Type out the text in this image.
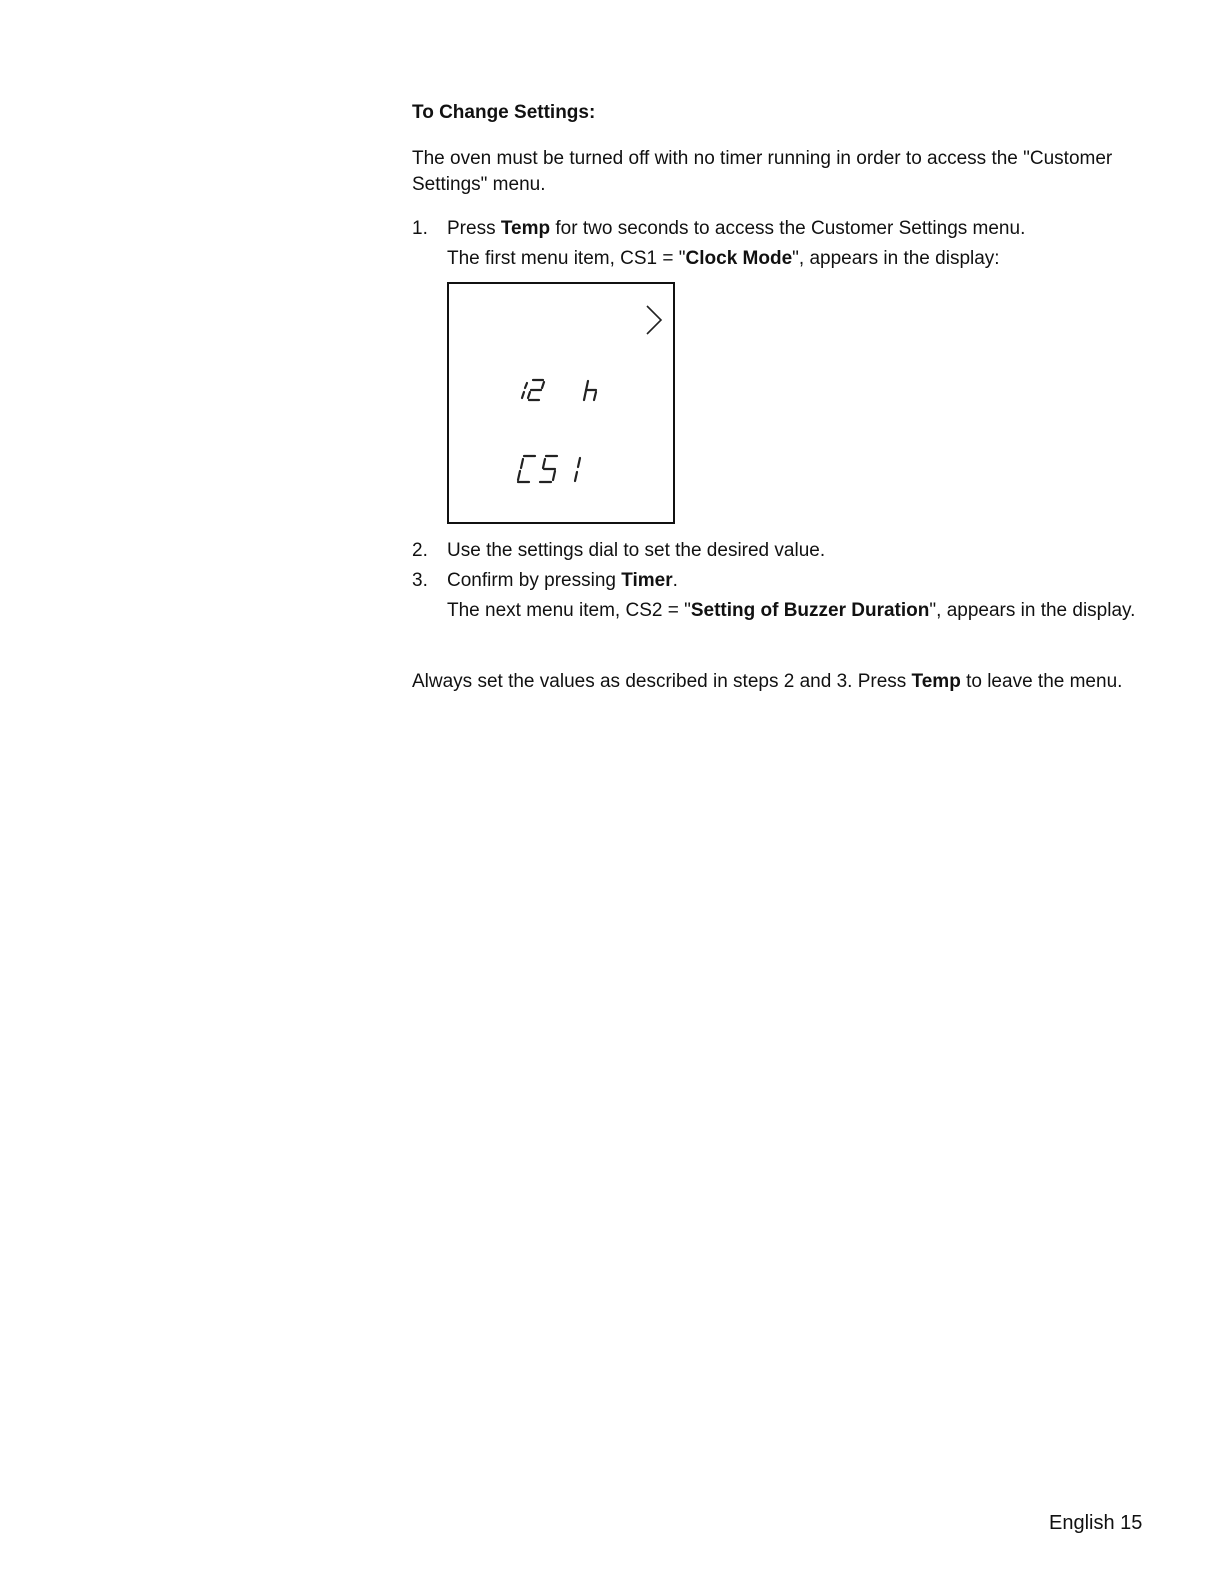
To Change Settings:

The oven must be turned off with no timer running in order to access the "Customer Settings" menu.

1.	Press Temp for two seconds to access the Customer Settings menu.
The first menu item, CS1 = "Clock Mode", appears in the display:
2.	Use the settings dial to set the desired value.
3.	Confirm by pressing Timer.
The next menu item, CS2 = "Setting of Buzzer Duration", appears in the display.

Always set the values as described in steps 2 and 3. Press Temp to leave the menu.

English 15
